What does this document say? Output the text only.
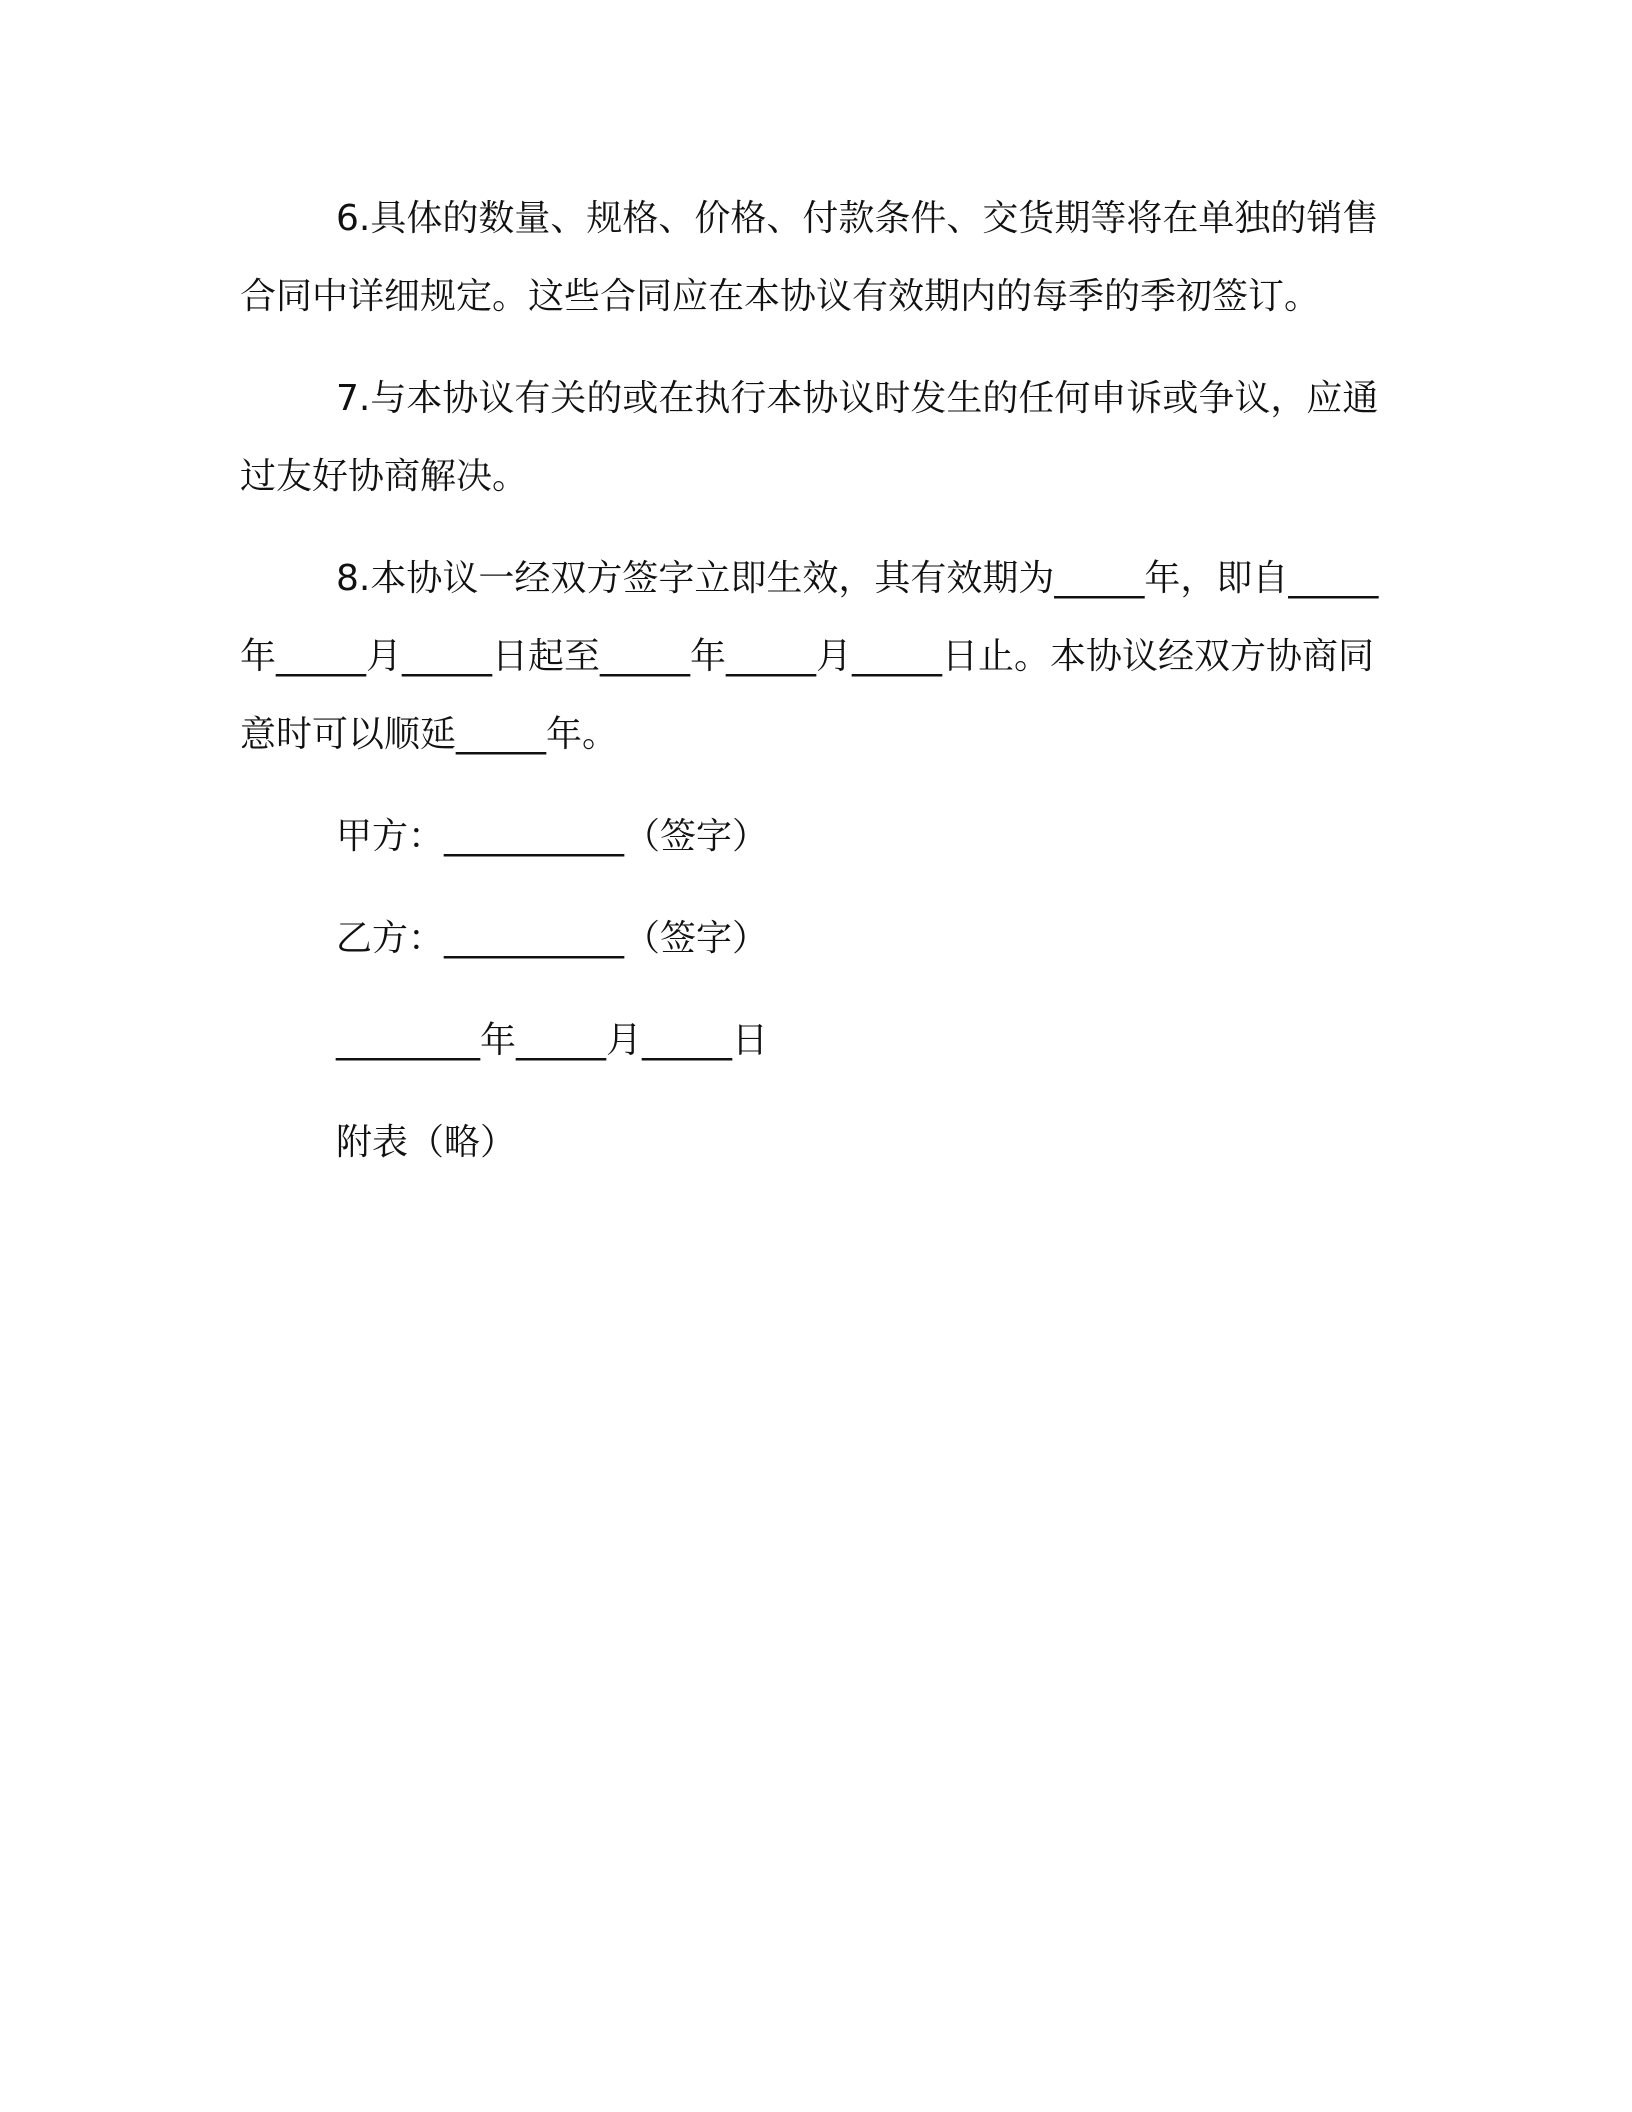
6.具体的数量、规格、价格、付款条件、交货期等将在单独的销售合同中详细规定。这些合同应在本协议有效期内的每季的季初签订。

7.与本协议有关的或在执行本协议时发生的任何申诉或争议，应通过友好协商解决。

8.本协议一经双方签字立即生效，其有效期为_____年，即自_____年_____月_____日起至_____年_____月_____日止。本协议经双方协商同意时可以顺延_____年。

甲方：__________（签字）
乙方：__________（签字）
________年_____月_____日
附表（略）
